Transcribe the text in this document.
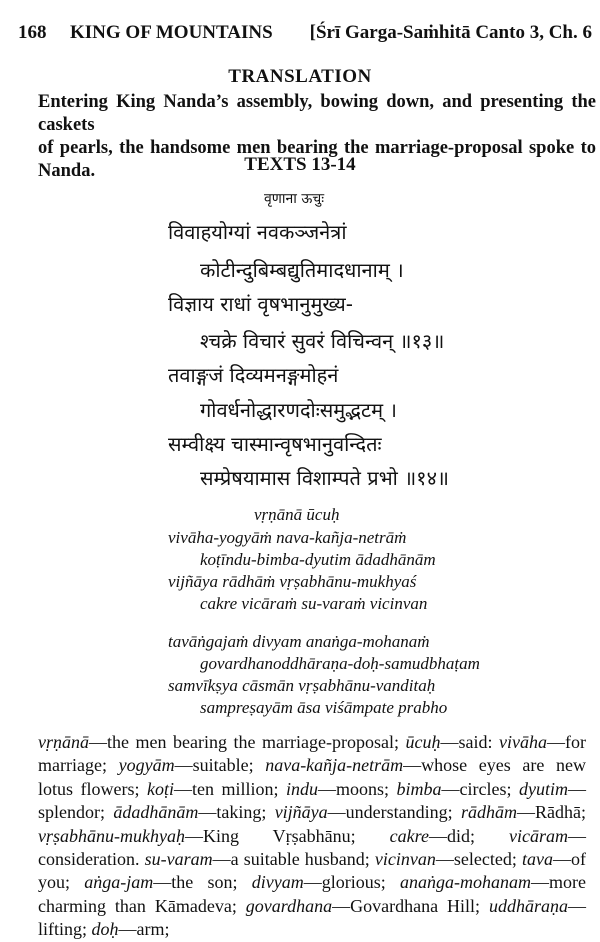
168	KING OF MOUNTAINS	[Śrī Garga-Saṁhitā Canto 3, Ch. 6
TRANSLATION
Entering King Nanda’s assembly, bowing down, and presenting the caskets
of pearls, the handsome men bearing the marriage-proposal spoke to Nanda.	TEXTS 13-14
वृणाना ऊचुः
विवाहयोग्यां नवकञ्जनेत्रां
कोटीन्दुबिम्बद्युतिमादधानाम् ।
विज्ञाय राधां वृषभानुमुख्य-
श्चक्रे विचारं सुवरं विचिन्वन् ॥१३॥
तवाङ्गजं दिव्यमनङ्गमोहनं
गोवर्धनोद्धारणदोःसमुद्भटम् ।
सम्वीक्ष्य चास्मान्वृषभानुवन्दितः
सम्प्रेषयामास विशाम्पते प्रभो ॥१४॥
vṛṇānā ūcuḥ
vivāha-yogyāṁ nava-kañja-netrāṁ
koṭīndu-bimba-dyutim ādadhānām
vijñāya rādhāṁ vṛṣabhānu-mukhyaś
cakre vicāraṁ su-varaṁ vicinvan
tavāṅgajaṁ divyam anaṅga-mohanaṁ
govardhanoddhāraṇa-doḥ-samudbhaṭam
samvīkṣya cāsmān vṛṣabhānu-vanditaḥ
sampreṣayām āsa viśāmpate prabho
vṛṇānā—the men bearing the marriage-proposal; ūcuḥ—said: vivāha—for marriage; yogyām—suitable; nava-kañja-netrām—whose eyes are new lotus flowers; koṭi—ten million; indu—moons; bimba—circles; dyutim—splendor; ādadhānām—taking; vijñāya—understanding; rādhām—Rādhā; vṛṣabhānu-mukhyaḥ—King Vṛṣabhānu; cakre—did; vicāram—consideration. su-varam—a suitable husband; vicinvan—selected; tava—of you; aṅga-jam—the son; divyam—glorious; anaṅga-mohanam—more charming than Kāmadeva; govardhana—Govardhana Hill; uddhāraṇa—lifting; doḥ—arm;
